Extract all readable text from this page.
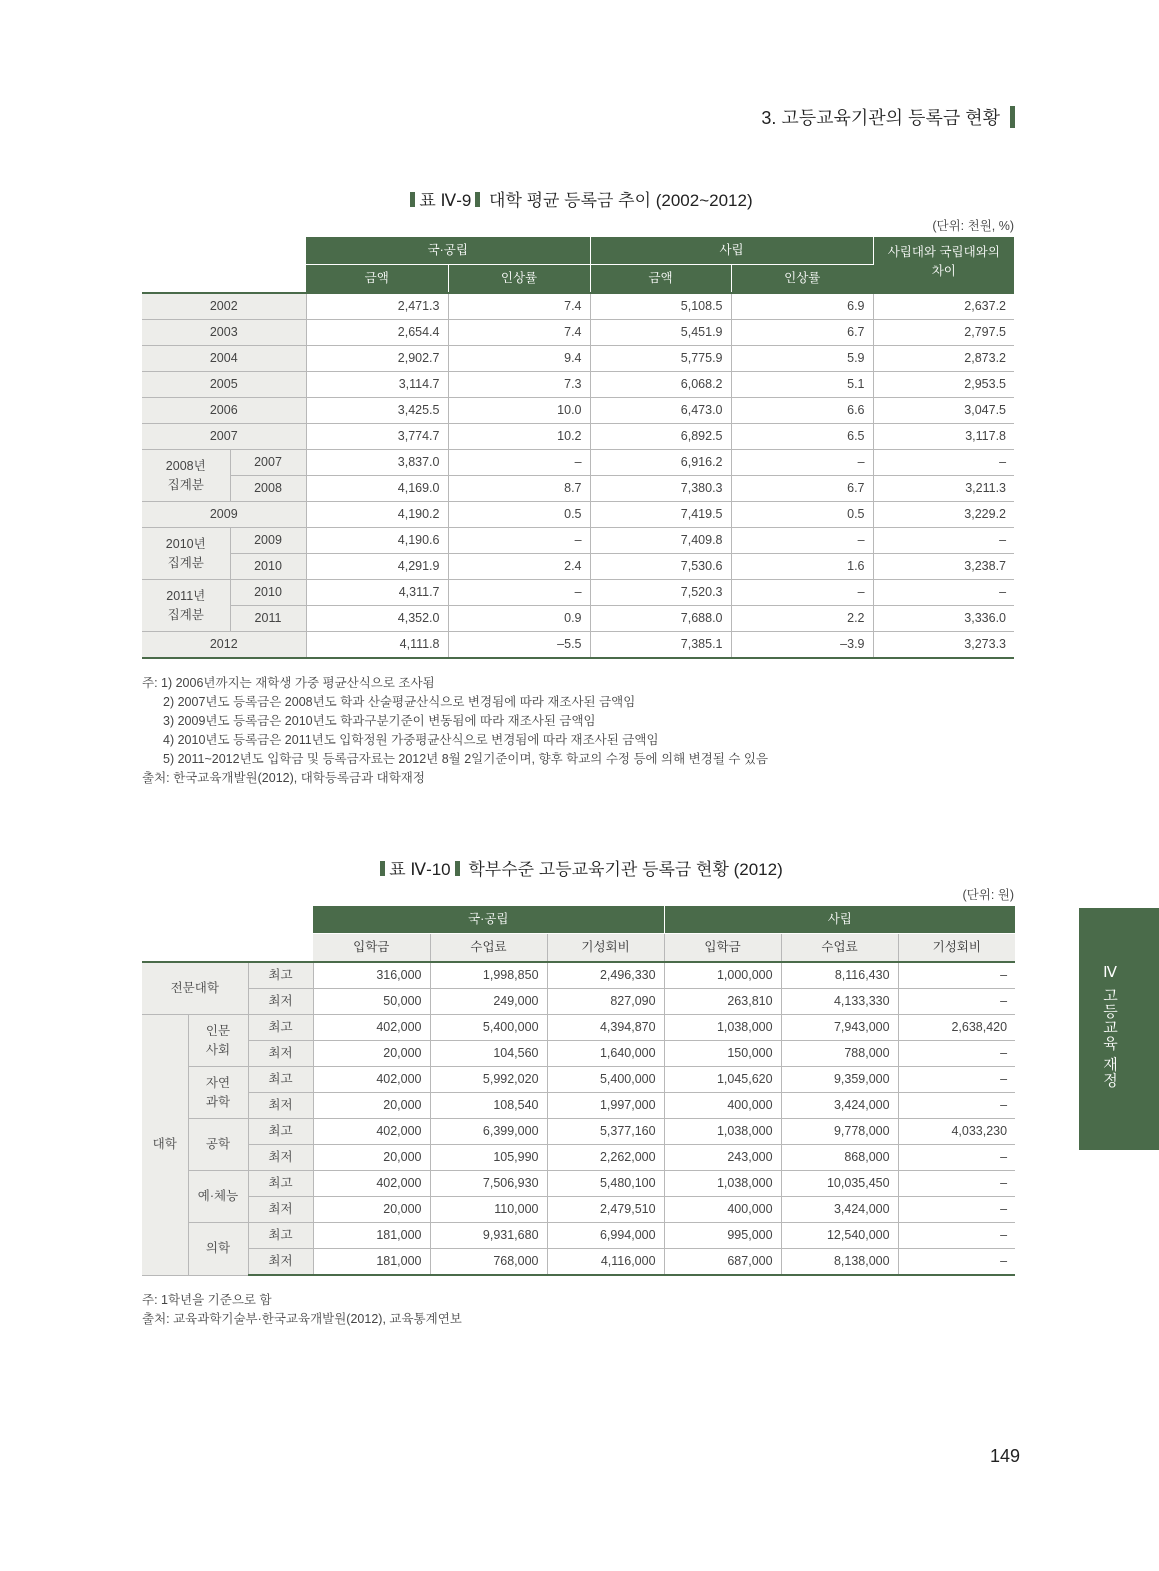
3. 고등교육기관의 등록금 현황
표 Ⅳ-9 대학 평균 등록금 추이 (2002~2012)
(단위: 천원, %)
		국·공립		사립		사립대와 국립대와의
차이
		금액	인상률	금액	인상률	
2002		2,471.3	7.4	5,108.5	6.9	2,637.2
2003		2,654.4	7.4	5,451.9	6.7	2,797.5
2004		2,902.7	9.4	5,775.9	5.9	2,873.2
2005		3,114.7	7.3	6,068.2	5.1	2,953.5
2006		3,425.5	10.0	6,473.0	6.6	3,047.5
2007		3,774.7	10.2	6,892.5	6.5	3,117.8
2008년
집계분	2007	3,837.0	–	6,916.2	–	–
	2008	4,169.0	8.7	7,380.3	6.7	3,211.3
2009		4,190.2	0.5	7,419.5	0.5	3,229.2
2010년
집계분	2009	4,190.6	–	7,409.8	–	–
	2010	4,291.9	2.4	7,530.6	1.6	3,238.7
2011년
집계분	2010	4,311.7	–	7,520.3	–	–
	2011	4,352.0	0.9	7,688.0	2.2	3,336.0
2012		4,111.8	–5.5	7,385.1	–3.9	3,273.3
주: 1) 2006년까지는 재학생 가중 평균산식으로 조사됨
2) 2007년도 등록금은 2008년도 학과 산술평균산식으로 변경됨에 따라 재조사된 금액임
3) 2009년도 등록금은 2010년도 학과구분기준이 변동됨에 따라 재조사된 금액임
4) 2010년도 등록금은 2011년도 입학정원 가중평균산식으로 변경됨에 따라 재조사된 금액임
5) 2011~2012년도 입학금 및 등록금자료는 2012년 8월 2일기준이며, 향후 학교의 수정 등에 의해 변경될 수 있음
출처: 한국교육개발원(2012), 대학등록금과 대학재정
표 Ⅳ-10 학부수준 고등교육기관 등록금 현황 (2012)
(단위: 원)
			국·공립			사립		
			입학금	수업료	기성회비	입학금	수업료	기성회비
전문대학		최고	316,000	1,998,850	2,496,330	1,000,000	8,116,430	–
		최저	50,000	249,000	827,090	263,810	4,133,330	–
대학	인문
사회	최고	402,000	5,400,000	4,394,870	1,038,000	7,943,000	2,638,420
		최저	20,000	104,560	1,640,000	150,000	788,000	–
	자연
과학	최고	402,000	5,992,020	5,400,000	1,045,620	9,359,000	–
		최저	20,000	108,540	1,997,000	400,000	3,424,000	–
	공학	최고	402,000	6,399,000	5,377,160	1,038,000	9,778,000	4,033,230
		최저	20,000	105,990	2,262,000	243,000	868,000	–
	예·체능	최고	402,000	7,506,930	5,480,100	1,038,000	10,035,450	–
		최저	20,000	110,000	2,479,510	400,000	3,424,000	–
	의학	최고	181,000	9,931,680	6,994,000	995,000	12,540,000	–
		최저	181,000	768,000	4,116,000	687,000	8,138,000	–
주: 1학년을 기준으로 함
출처: 교육과학기술부·한국교육개발원(2012), 교육통계연보
Ⅳ 고등교육 재정
149
